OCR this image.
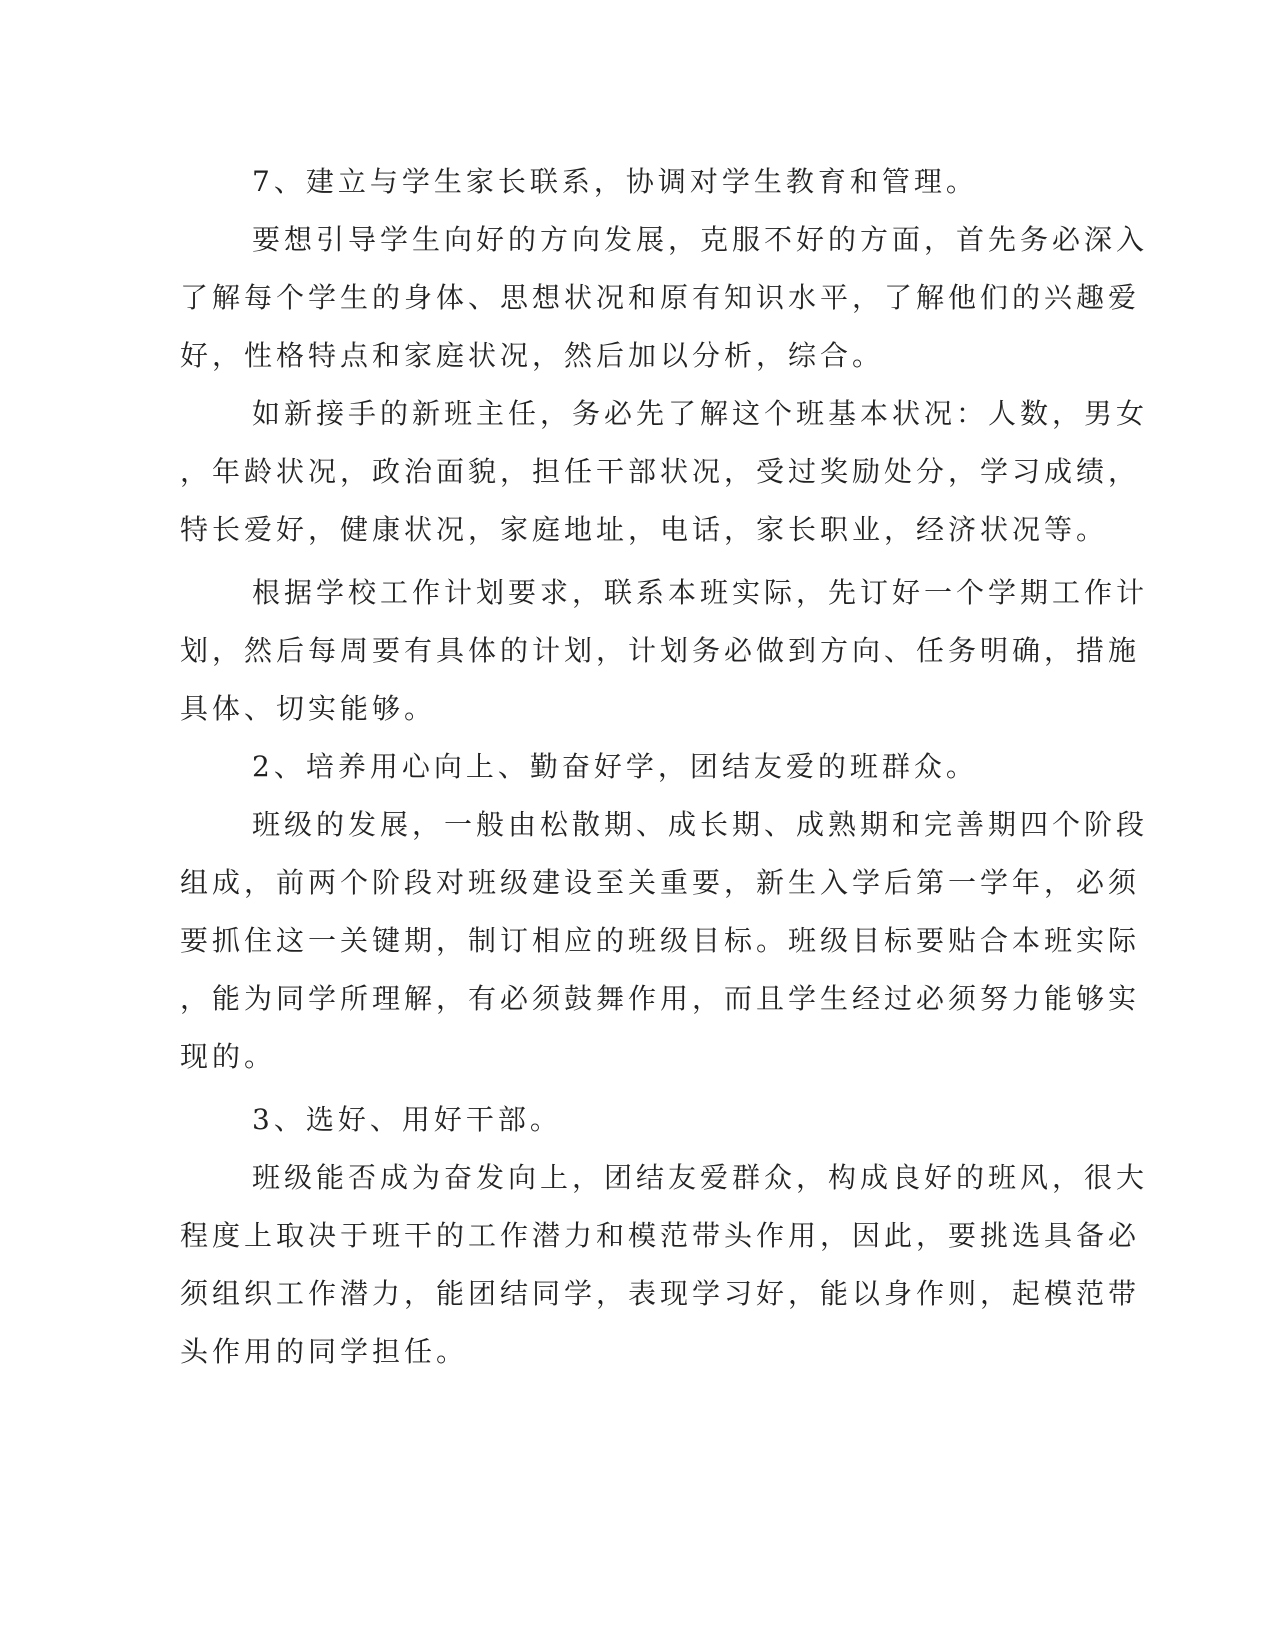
7、建立与学生家长联系，协调对学生教育和管理。

要想引导学生向好的方向发展，克服不好的方面，首先务必深入

了解每个学生的身体、思想状况和原有知识水平，了解他们的兴趣爱

好，性格特点和家庭状况，然后加以分析，综合。

如新接手的新班主任，务必先了解这个班基本状况：人数，男女

，年龄状况，政治面貌，担任干部状况，受过奖励处分，学习成绩，

特长爱好，健康状况，家庭地址，电话，家长职业，经济状况等。

根据学校工作计划要求，联系本班实际，先订好一个学期工作计

划，然后每周要有具体的计划，计划务必做到方向、任务明确，措施

具体、切实能够。

2、培养用心向上、勤奋好学，团结友爱的班群众。

班级的发展，一般由松散期、成长期、成熟期和完善期四个阶段

组成，前两个阶段对班级建设至关重要，新生入学后第一学年，必须

要抓住这一关键期，制订相应的班级目标。班级目标要贴合本班实际

，能为同学所理解，有必须鼓舞作用，而且学生经过必须努力能够实

现的。

3、选好、用好干部。

班级能否成为奋发向上，团结友爱群众，构成良好的班风，很大

程度上取决于班干的工作潜力和模范带头作用，因此，要挑选具备必

须组织工作潜力，能团结同学，表现学习好，能以身作则，起模范带

头作用的同学担任。
